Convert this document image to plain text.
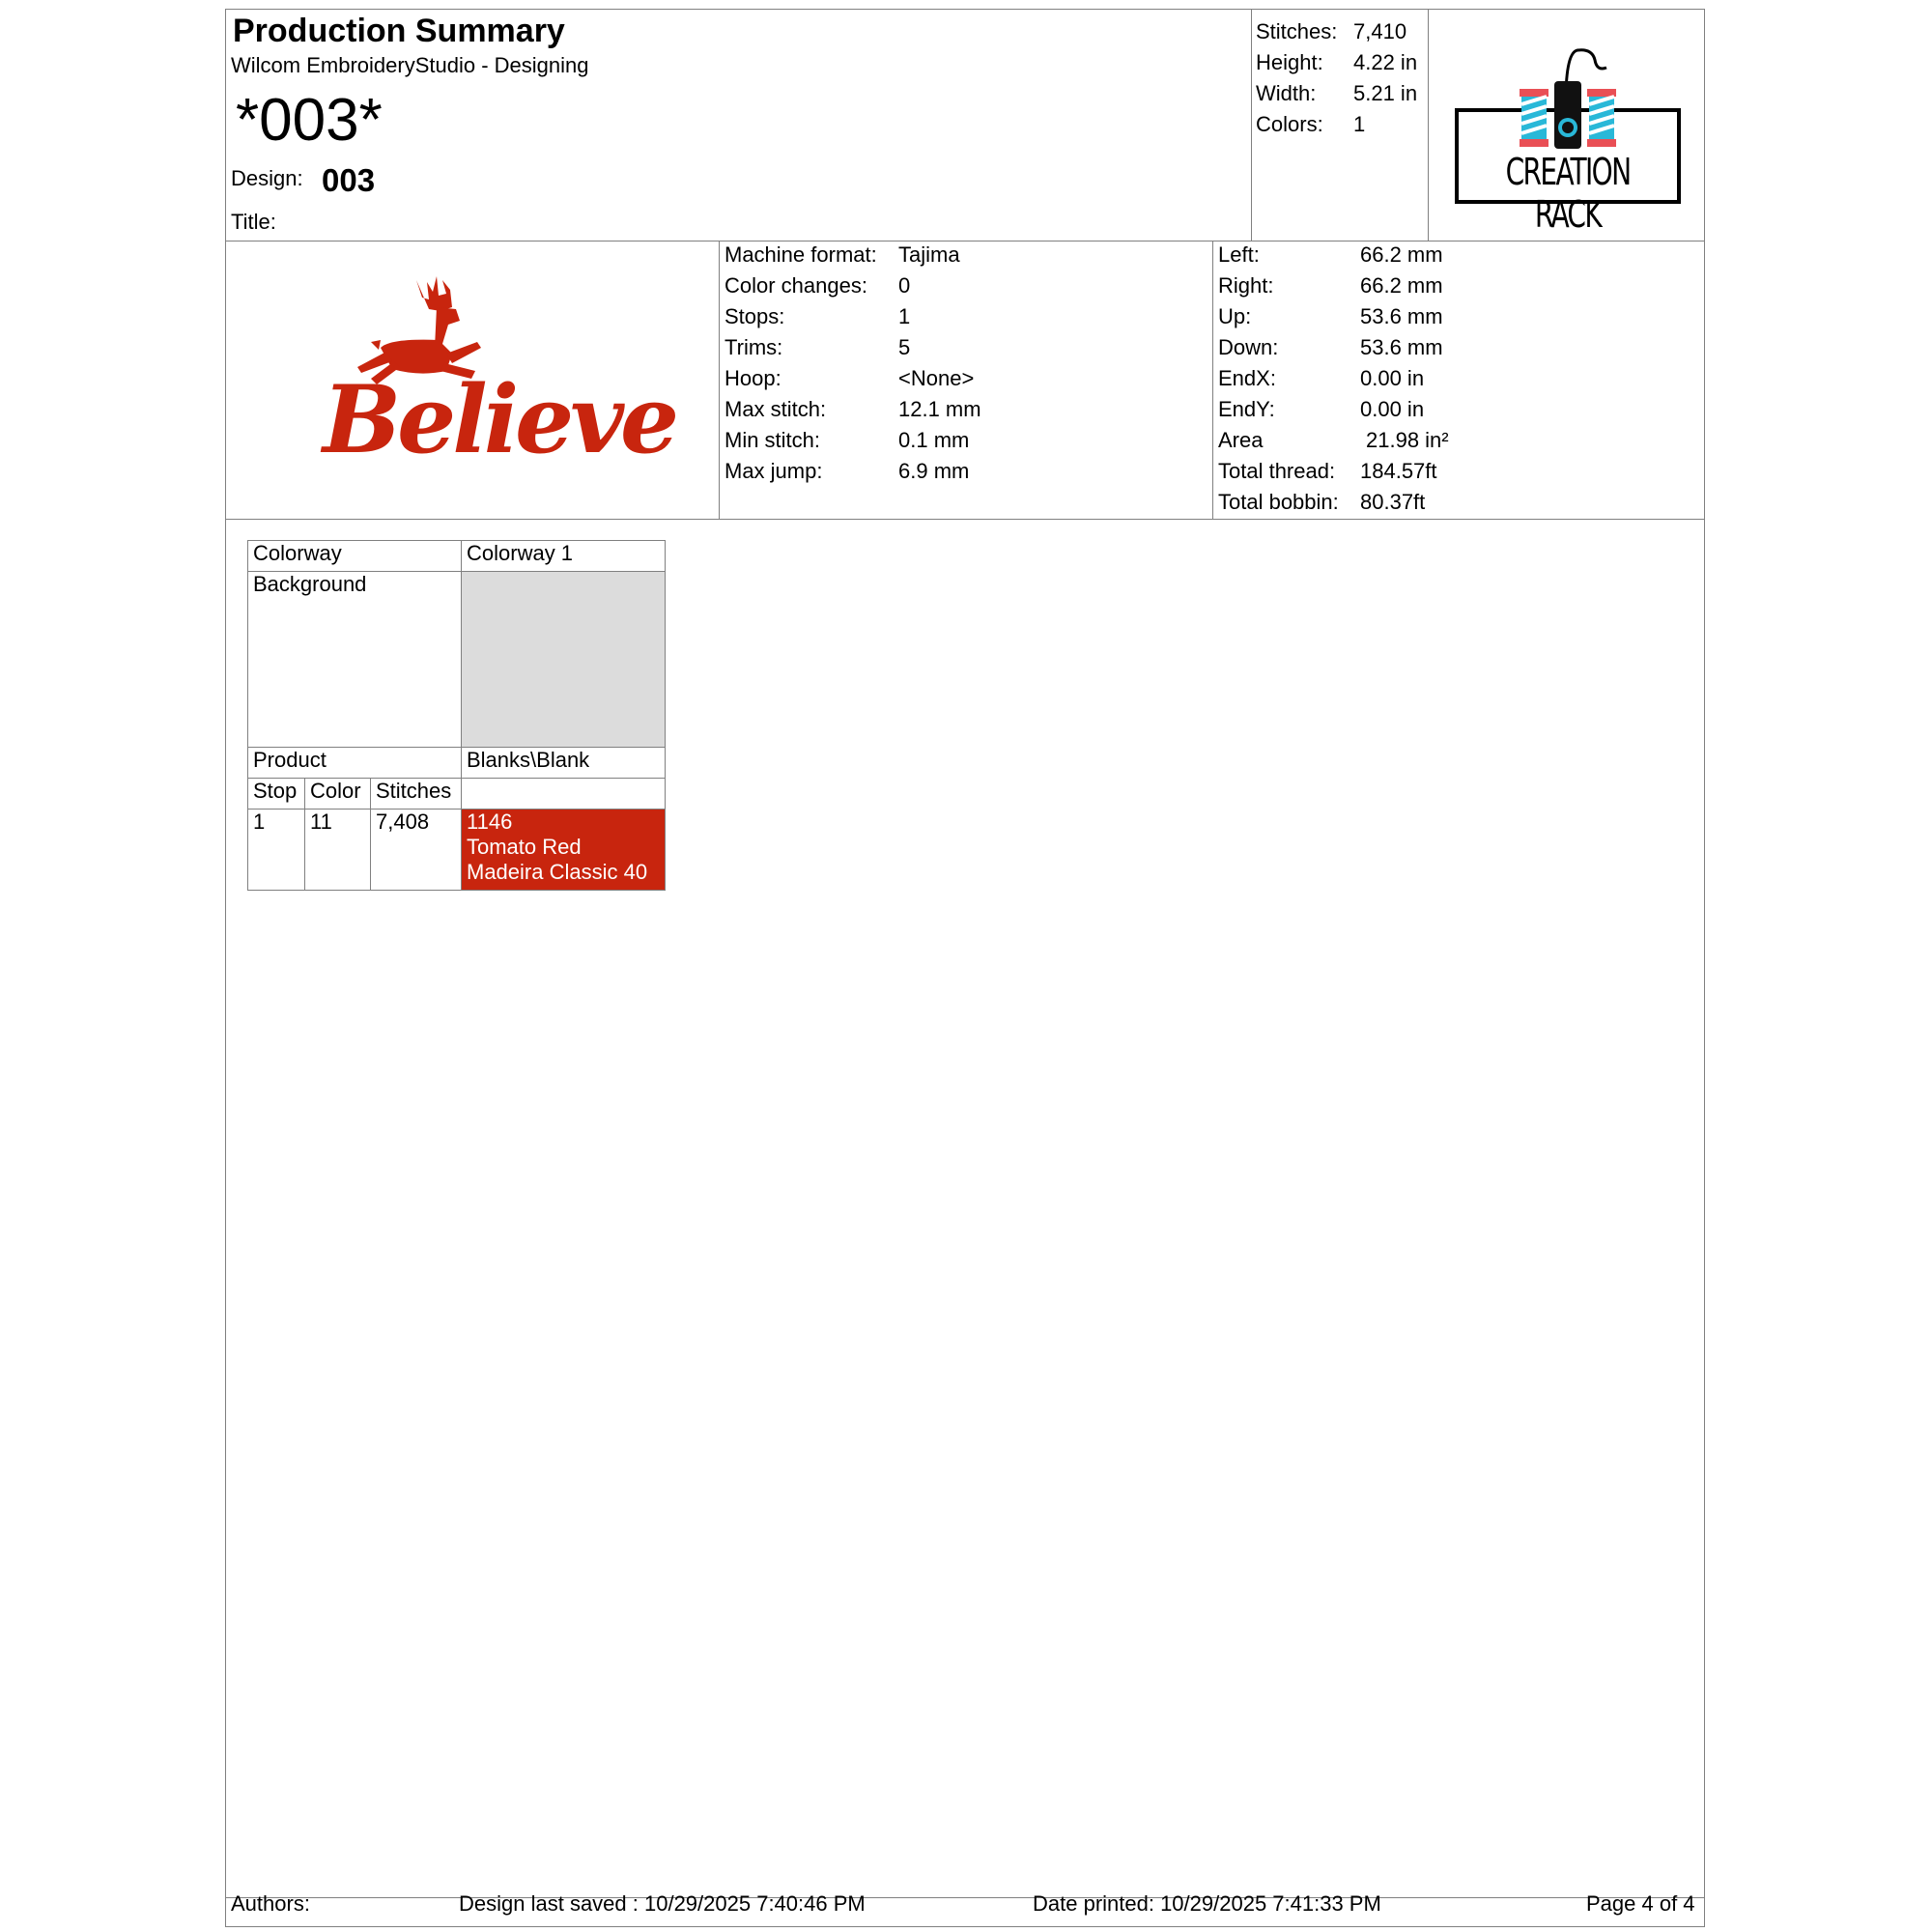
Production Summary
Wilcom EmbroideryStudio - Designing
*003*
Design: 003
Title:
Stitches: 7,410
Height: 4.22 in
Width: 5.21 in
Colors: 1
CREATION RACK
Believe
Machine format: Tajima
Color changes: 0
Stops:	1
Trims:	5
Hoop:	<None>
Max stitch:	12.1 mm
Min stitch:	0.1 mm
Max jump:	6.9 mm
Left:	66.2 mm
Right:	66.2 mm
Up:	53.6 mm
Down:	53.6 mm
EndX:	0.00 in
EndY:	0.00 in
Area	21.98 in²
Total thread: 184.57ft
Total bobbin: 80.37ft
Colorway			Colorway 1
Background			
Product			Blanks\Blank
Stop	Color	Stitches	
1	11	7,408	1146
Tomato Red
Madeira Classic 40
Authors:	Design last saved : 10/29/2025 7:40:46 PM	Date printed: 10/29/2025 7:41:33 PM	Page 4 of 4
